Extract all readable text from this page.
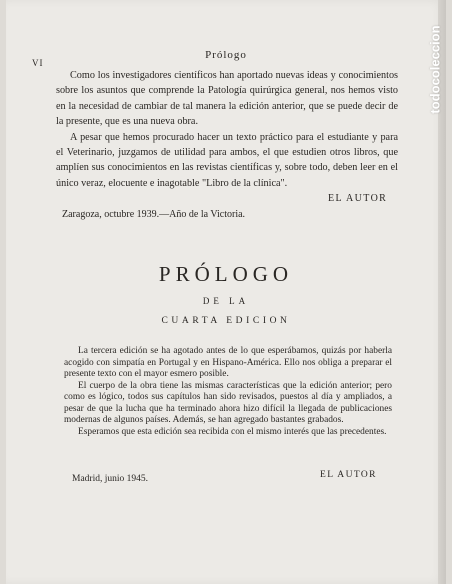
todocoleccion
VI
Prólogo

Como los investigadores científicos han aportado nuevas ideas y conocimientos sobre los asuntos que comprende la Patología quirúrgica general, nos hemos visto en la necesidad de cambiar de tal manera la edición anterior, que se puede decir de la presente, que es una nueva obra.

A pesar que hemos procurado hacer un texto práctico para el estudiante y para el Veterinario, juzgamos de utilidad para ambos, el que estudien otros libros, que amplíen sus conocimientos en las revistas científicas y, sobre todo, deben leer en el único veraz, elocuente e inagotable "Libro de la clínica".

EL AUTOR
Zaragoza, octubre 1939.—Año de la Victoria.
PRÓLOGO
DE LA
CUARTA EDICION

La tercera edición se ha agotado antes de lo que esperábamos, quizás por haberla acogido con simpatía en Portugal y en Hispano-América. Ello nos obliga a preparar el presente texto con el mayor esmero posible.

El cuerpo de la obra tiene las mismas características que la edición anterior; pero como es lógico, todos sus capítulos han sido revisados, puestos al día y ampliados, a pesar de que la lucha que ha terminado ahora hizo difícil la llegada de publicaciones modernas de algunos países. Además, se han agregado bastantes grabados.

Esperamos que esta edición sea recibida con el mismo interés que las precedentes.

Madrid, junio 1945.	EL AUTOR
